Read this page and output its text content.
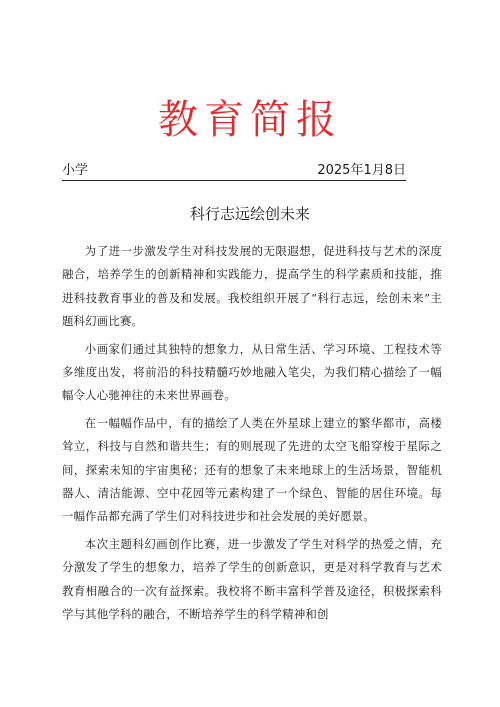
教育简报
小学	2025年1月8日
科行志远绘创未来

为了进一步激发学生对科技发展的无限遐想，促进科技与艺术的深度融合，培养学生的创新精神和实践能力，提高学生的科学素质和技能，推进科技教育事业的普及和发展。我校组织开展了“科行志远，绘创未来”主题科幻画比赛。

小画家们通过其独特的想象力，从日常生活、学习环境、工程技术等多维度出发，将前沿的科技精髓巧妙地融入笔尖，为我们精心描绘了一幅幅令人心驰神往的未来世界画卷。

在一幅幅作品中，有的描绘了人类在外星球上建立的繁华都市，高楼耸立，科技与自然和谐共生；有的则展现了先进的太空飞船穿梭于星际之间，探索未知的宇宙奥秘；还有的想象了未来地球上的生活场景，智能机器人、清洁能源、空中花园等元素构建了一个绿色、智能的居住环境。每一幅作品都充满了学生们对科技进步和社会发展的美好愿景。

本次主题科幻画创作比赛，进一步激发了学生对科学的热爱之情，充分激发了学生的想象力，培养了学生的创新意识，更是对科学教育与艺术教育相融合的一次有益探索。我校将不断丰富科学普及途径，积极探索科学与其他学科的融合，不断培养学生的科学精神和创
